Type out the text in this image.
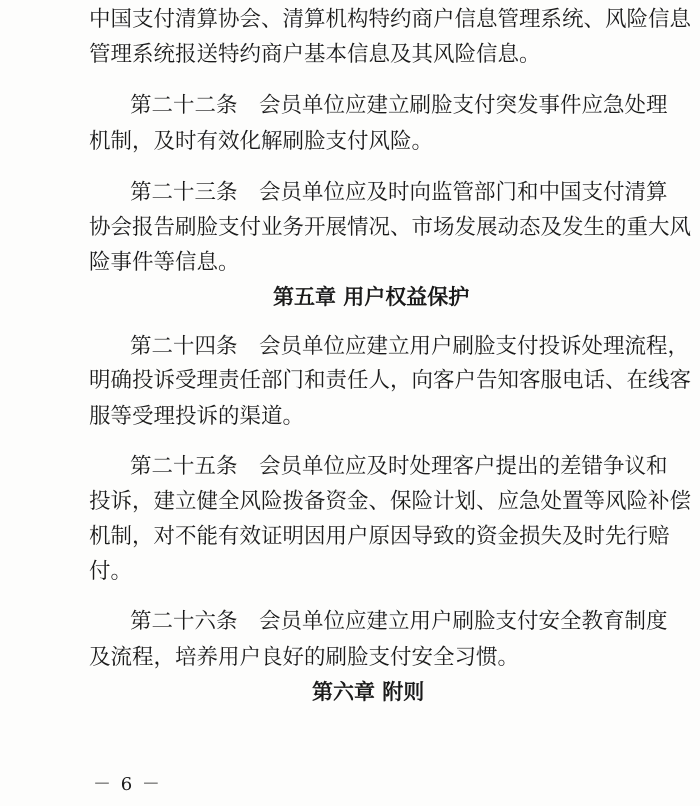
中国支付清算协会、清算机构特约商户信息管理系统、风险信息
管理系统报送特约商户基本信息及其风险信息。
第二十二条　会员单位应建立刷脸支付突发事件应急处理
机制，及时有效化解刷脸支付风险。
第二十三条　会员单位应及时向监管部门和中国支付清算
协会报告刷脸支付业务开展情况、市场发展动态及发生的重大风
险事件等信息。
第五章 用户权益保护
第二十四条　会员单位应建立用户刷脸支付投诉处理流程，
明确投诉受理责任部门和责任人，向客户告知客服电话、在线客
服等受理投诉的渠道。
第二十五条　会员单位应及时处理客户提出的差错争议和
投诉，建立健全风险拨备资金、保险计划、应急处置等风险补偿
机制，对不能有效证明因用户原因导致的资金损失及时先行赔
付。
第二十六条　会员单位应建立用户刷脸支付安全教育制度
及流程，培养用户良好的刷脸支付安全习惯。
第六章 附则
－ 6 －
